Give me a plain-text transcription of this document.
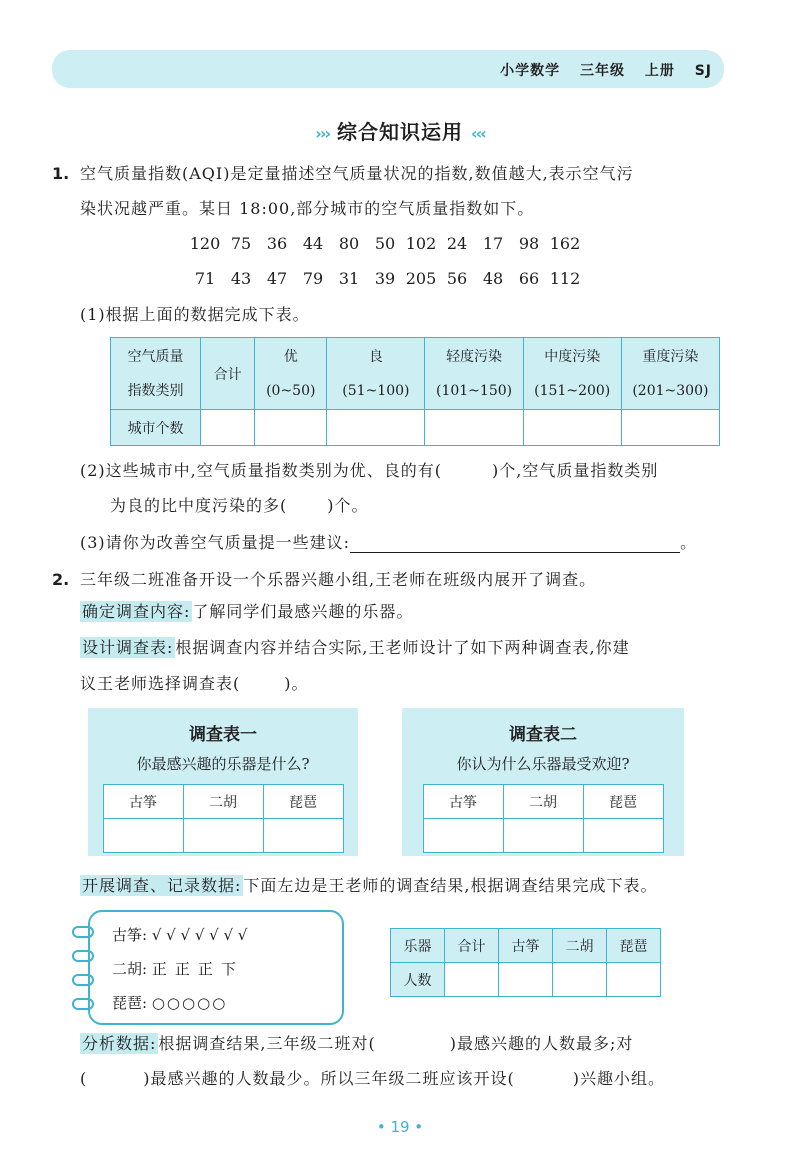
小学数学 三年级 上册 SJ
››› 综合知识运用 ‹‹‹
1. 空气质量指数(AQI)是定量描述空气质量状况的指数,数值越大,表示空气污
染状况越严重。某日 18:00,部分城市的空气质量指数如下。
120 75 36 44 80 50 102 24 17 98 162
71 43 47 79 31 39 205 56 48 66 112
(1)根据上面的数据完成下表。
空气质量
指数类别	合计	优	良	轻度污染	中度污染	重度污染
		(0~50)	(51~100)	(101~150)	(151~200)	(201~300)
城市个数						
(2)这些城市中,空气质量指数类别为优、良的有(	)个,空气质量指数类别
为良的比中度污染的多(	)个。
(3)请你为改善空气质量提一些建议:	。
2. 三年级二班准备开设一个乐器兴趣小组,王老师在班级内展开了调查。
确定调查内容: 了解同学们最感兴趣的乐器。
设计调查表: 根据调查内容并结合实际,王老师设计了如下两种调查表,你建
议王老师选择调查表(	)。
调查表一
你最感兴趣的乐器是什么?
古筝	二胡	琵琶

调查表二
你认为什么乐器最受欢迎?
古筝	二胡	琵琶

开展调查、记录数据: 下面左边是王老师的调查结果,根据调查结果完成下表。
古筝: √ √ √ √ √ √ √
二胡: 正 正 正 下
琵琶: ○○○○○
乐器	合计	古筝	二胡	琵琶
人数				
分析数据: 根据调查结果,三年级二班对(	)最感兴趣的人数最多;对
(	)最感兴趣的人数最少。所以三年级二班应该开设(	)兴趣小组。
• 19 •
